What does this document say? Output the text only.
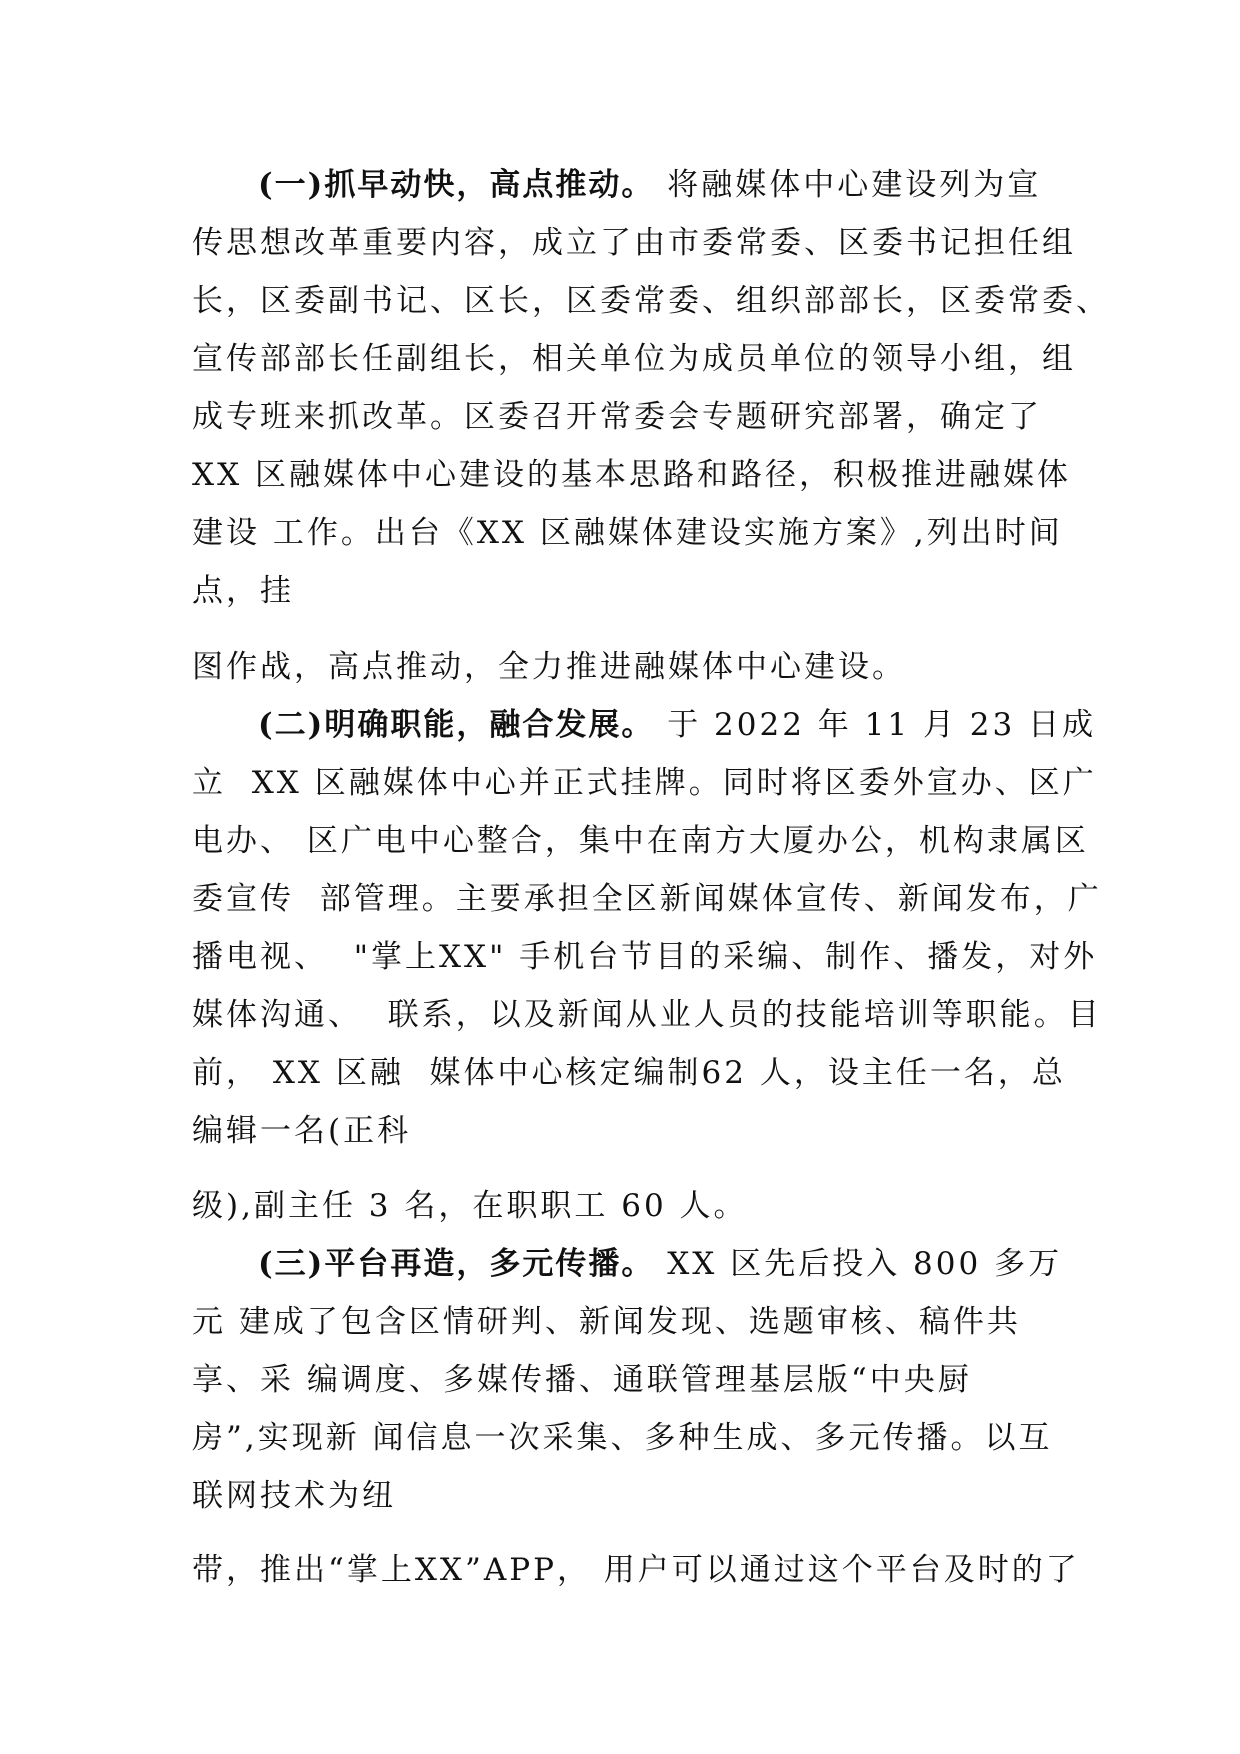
(一)抓早动快，高点推动。 将融媒体中心建设列为宣
传思想改革重要内容，成立了由市委常委、区委书记担任组
长，区委副书记、区长，区委常委、组织部部长，区委常委、
宣传部部长任副组长，相关单位为成员单位的领导小组，组
成专班来抓改革。区委召开常委会专题研究部署，确定了
XX 区融媒体中心建设的基本思路和路径，积极推进融媒体
建设 工作。出台《XX 区融媒体建设实施方案》,列出时间
点，挂
图作战，高点推动，全力推进融媒体中心建设。
(二)明确职能，融合发展。 于 2022 年 11 月 23 日成
立  XX 区融媒体中心并正式挂牌。同时将区委外宣办、区广
电办、 区广电中心整合，集中在南方大厦办公，机构隶属区
委宣传  部管理。主要承担全区新闻媒体宣传、新闻发布，广
播电视、  "掌上XX" 手机台节目的采编、制作、播发，对外
媒体沟通、  联系，以及新闻从业人员的技能培训等职能。目
前， XX 区融  媒体中心核定编制62 人，设主任一名，总
编辑一名(正科
级),副主任 3 名，在职职工 60 人。
(三)平台再造，多元传播。 XX 区先后投入 800 多万
元 建成了包含区情研判、新闻发现、选题审核、稿件共
享、采 编调度、多媒传播、通联管理基层版“中央厨
房”,实现新 闻信息一次采集、多种生成、多元传播。以互
联网技术为纽
带，推出“掌上XX”APP， 用户可以通过这个平台及时的了
